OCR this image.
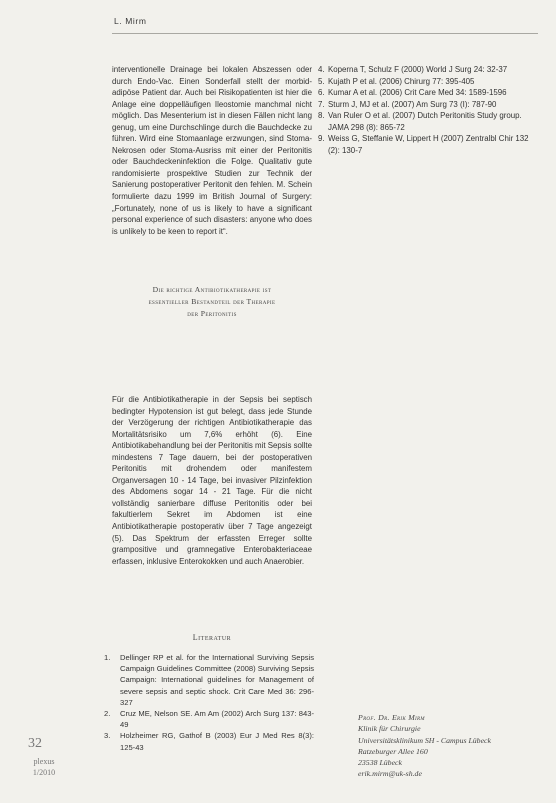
L. Mirm

interventionelle Drainage bei lokalen Abszessen oder durch Endo-Vac. Einen Sonderfall stellt der morbid-adipöse Patient dar. Auch bei Risikopatienten ist hier die Anlage eine doppelläufigen Ileostomie manchmal nicht möglich. Das Mesenterium ist in diesen Fällen nicht lang genug, um eine Durchschlinge durch die Bauchdecke zu führen. Wird eine Stomaanlage erzwungen, sind Stoma-Nekrosen oder Stoma-Ausriss mit einer der Peritonitis oder Bauchdeckeninfektion die Folge. Qualitativ gute randomisierte prospektive Studien zur Technik der Sanierung postoperativer Peritonit den fehlen. M. Schein formulierte dazu 1999 im British Journal of Surgery: „Fortunately, none of us is likely to have a significant personal experience of such disasters: anyone who does is unlikely to be keen to report it“.

Die richtige Antibiotikatherapie ist
essentieller Bestandteil der Therapie
der Peritonitis

Für die Antibiotikatherapie in der Sepsis bei septisch bedingter Hypotension ist gut belegt, dass jede Stunde der Verzögerung der richtigen Antibiotikatherapie das Mortalitätsrisiko um 7,6% erhöht (6). Eine Antibiotikabehandlung bei der Peritonitis mit Sepsis sollte mindestens 7 Tage dauern, bei der postoperativen Peritonitis mit drohendem oder manifestem Organversagen 10 - 14 Tage, bei invasiver Pilzinfektion des Abdomens sogar 14 - 21 Tage. Für die nicht vollständig sanierbare diffuse Peritonitis oder bei fakultierlem Sekret im Abdomen ist eine Antibiotikatherapie postoperativ über 7 Tage angezeigt (5). Das Spektrum der erfassten Erreger sollte grampositive und gramnegative Enterobakteriaceae erfassen, inklusive Enterokokken und auch Anaerobier.

Literatur
1. Dellinger RP et al. for the International Surviving Sepsis Campaign Guidelines Committee (2008) Surviving Sepsis Campaign: International guidelines for Management of severe sepsis and septic shock. Crit Care Med 36: 296-327
2. Cruz ME, Nelson SE. Am Am (2002) Arch Surg 137: 843-49
3. Holzheimer RG, Gathof B (2003) Eur J Med Res 8(3): 125-43
4. Koperna T, Schulz F (2000) World J Surg 24: 32-37
5. Kujath P et al. (2006) Chirurg 77: 395-405
6. Kumar A et al. (2006) Crit Care Med 34: 1589-1596
7. Sturm J, MJ et al. (2007) Am Surg 73 (I): 787-90
8. Van Ruler O et al. (2007) Dutch Peritonitis Study group. JAMA 298 (8): 865-72
9. Weiss G, Steffanie W, Lippert H (2007) Zentralbl Chir 132 (2): 130-7
32
plexus
1/2010
Prof. Dr. Erik Mirm
Klinik für Chirurgie
Universitätsklinikum SH - Campus Lübeck
Ratzeburger Allee 160
23538 Lübeck
erik.mirm@uk-sh.de
